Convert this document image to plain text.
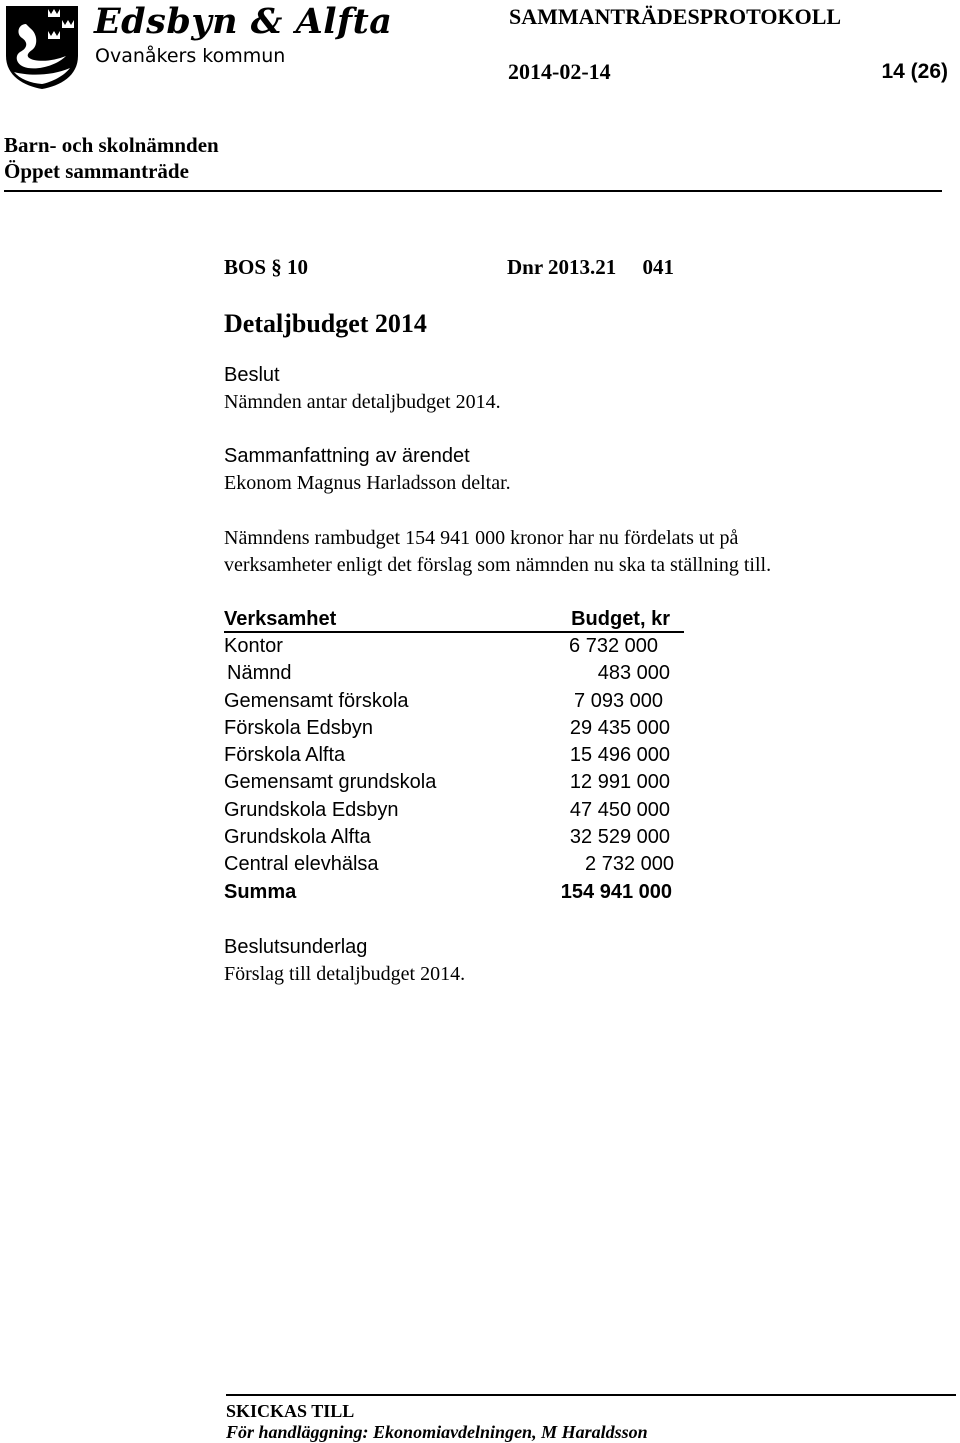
Edsbyn & Alfta
Ovanåkers kommun
SAMMANTRÄDESPROTOKOLL
2014-02-14	14 (26)
Barn- och skolnämnden
Öppet sammanträde
BOS § 10	Dnr 2013.21     041
Detaljbudget 2014
Beslut
Nämnden antar detaljbudget 2014.
Sammanfattning av ärendet
Ekonom Magnus Harladsson deltar.
Nämndens rambudget 154 941 000 kronor har nu fördelats ut på
verksamheter enligt det förslag som nämnden nu ska ta ställning till.
Verksamhet	Budget, kr
Kontor	6 732 000
Nämnd	483 000
Gemensamt förskola	7 093 000
Förskola Edsbyn	29 435 000
Förskola Alfta	15 496 000
Gemensamt grundskola	12 991 000
Grundskola Edsbyn	47 450 000
Grundskola Alfta	32 529 000
Central elevhälsa	2 732 000
Summa	154 941 000
Beslutsunderlag
Förslag till detaljbudget 2014.
SKICKAS TILL
För handläggning: Ekonomiavdelningen, M Haraldsson
